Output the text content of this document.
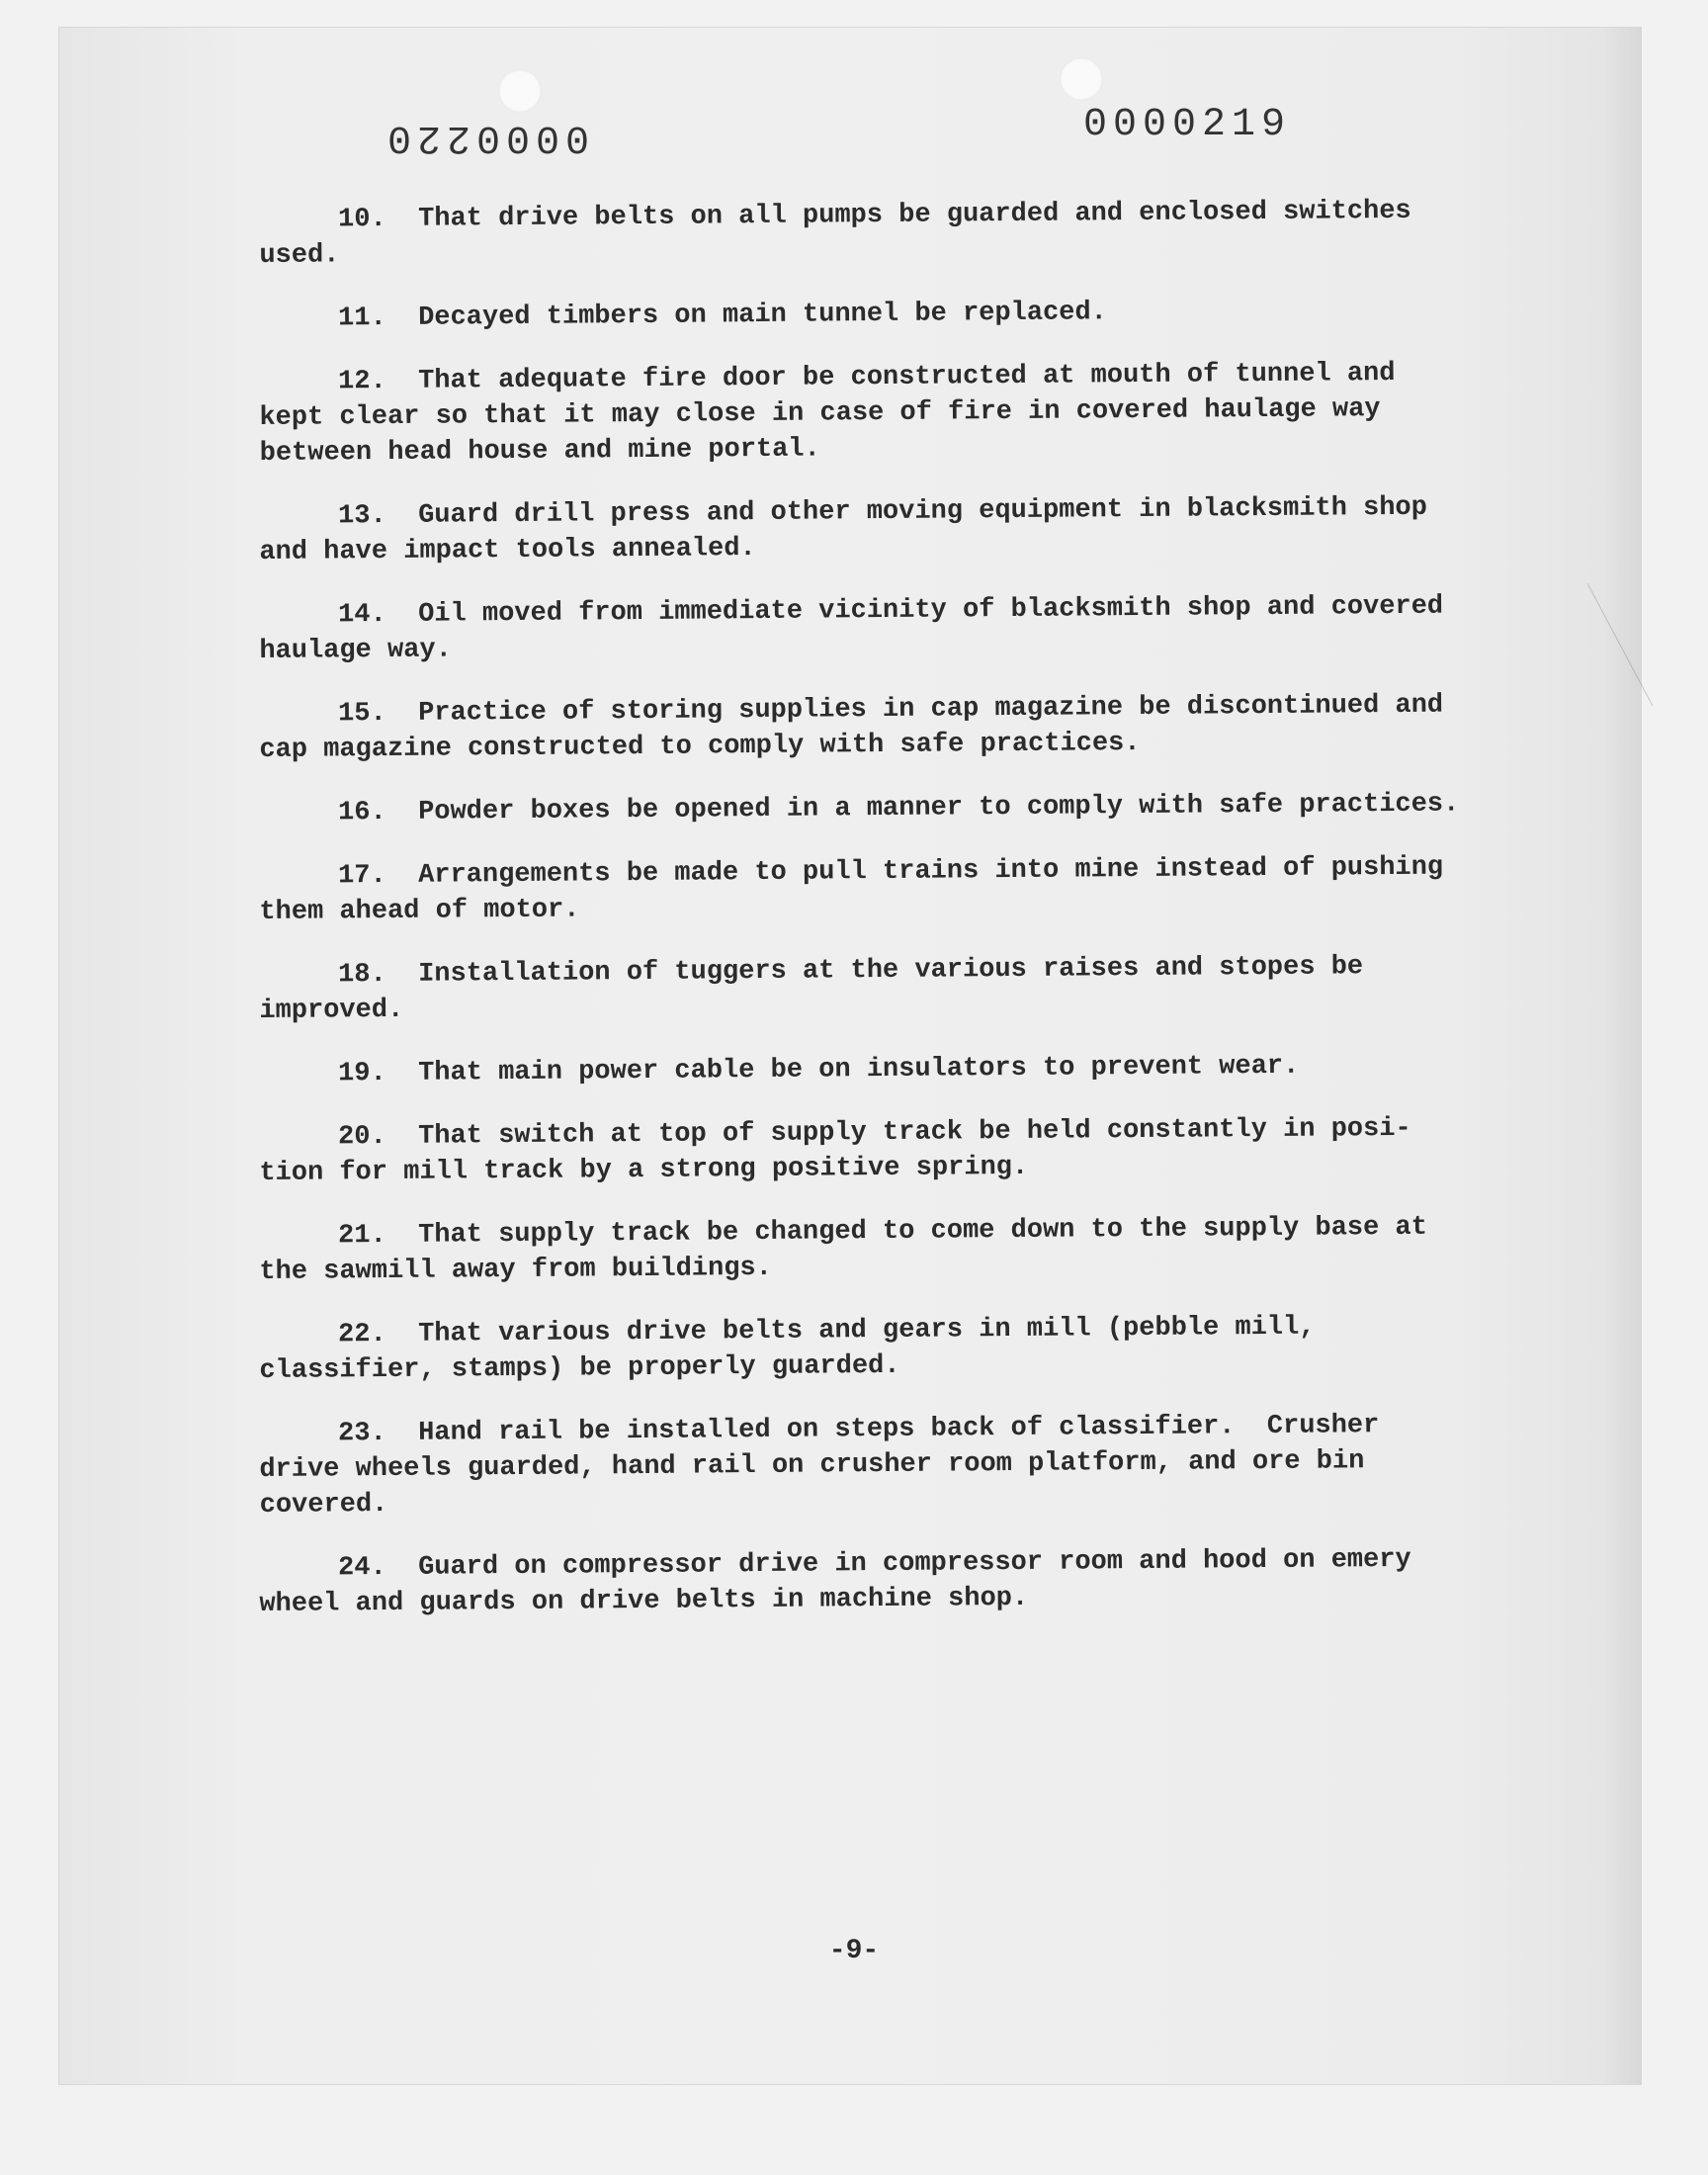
0000220	0000219

10.  That drive belts on all pumps be guarded and enclosed switches used.

11.  Decayed timbers on main tunnel be replaced.

12.  That adequate fire door be constructed at mouth of tunnel and kept clear so that it may close in case of fire in covered haulage way between head house and mine portal.

13.  Guard drill press and other moving equipment in blacksmith shop and have impact tools annealed.

14.  Oil moved from immediate vicinity of blacksmith shop and covered haulage way.

15.  Practice of storing supplies in cap magazine be discontinued and cap magazine constructed to comply with safe practices.

16.  Powder boxes be opened in a manner to comply with safe practices.

17.  Arrangements be made to pull trains into mine instead of pushing them ahead of motor.

18.  Installation of tuggers at the various raises and stopes be improved.

19.  That main power cable be on insulators to prevent wear.

20.  That switch at top of supply track be held constantly in posi-tion for mill track by a strong positive spring.

21.  That supply track be changed to come down to the supply base at the sawmill away from buildings.

22.  That various drive belts and gears in mill (pebble mill, classifier, stamps) be properly guarded.

23.  Hand rail be installed on steps back of classifier.  Crusher drive wheels guarded, hand rail on crusher room platform, and ore bin covered.

24.  Guard on compressor drive in compressor room and hood on emery wheel and guards on drive belts in machine shop.

-9-
